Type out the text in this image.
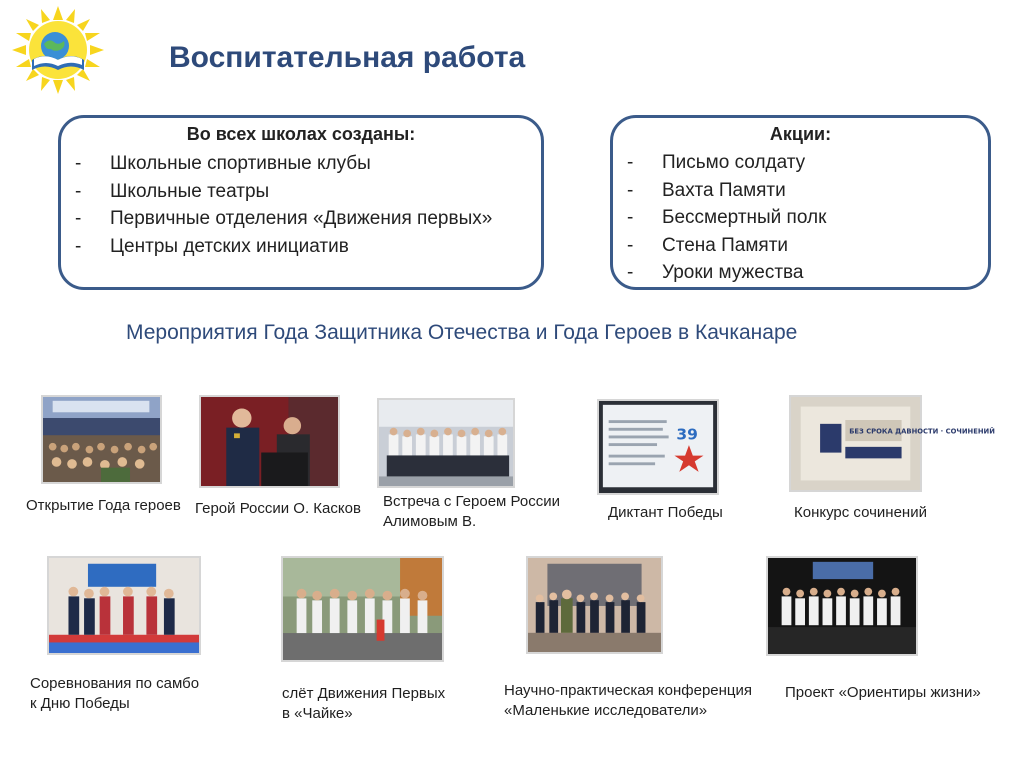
Воспитательная работа
Во всех школах созданы:
-	Школьные спортивные клубы
-	Школьные театры
-	Первичные отделения «Движения первых»
-	Центры детских инициатив
Акции:
-	Письмо солдату
-	Вахта Памяти
-	Бессмертный полк
-	Стена Памяти
-	Уроки мужества
Мероприятия Года Защитника Отечества и Года Героев в Качканаре
39	БЕЗ СРОКА ДАВНОСТИ · СОЧИНЕНИЙ
Открытие Года героев Герой России О. Касков Встреча с Героем России
Алимовым В.
Диктант Победы	Конкурс сочинений
Соревнования по самбо
к Дню Победы
слёт Движения Первых
в «Чайке»
Научно-практическая конференция
«Маленькие исследователи»
Проект «Ориентиры жизни»
